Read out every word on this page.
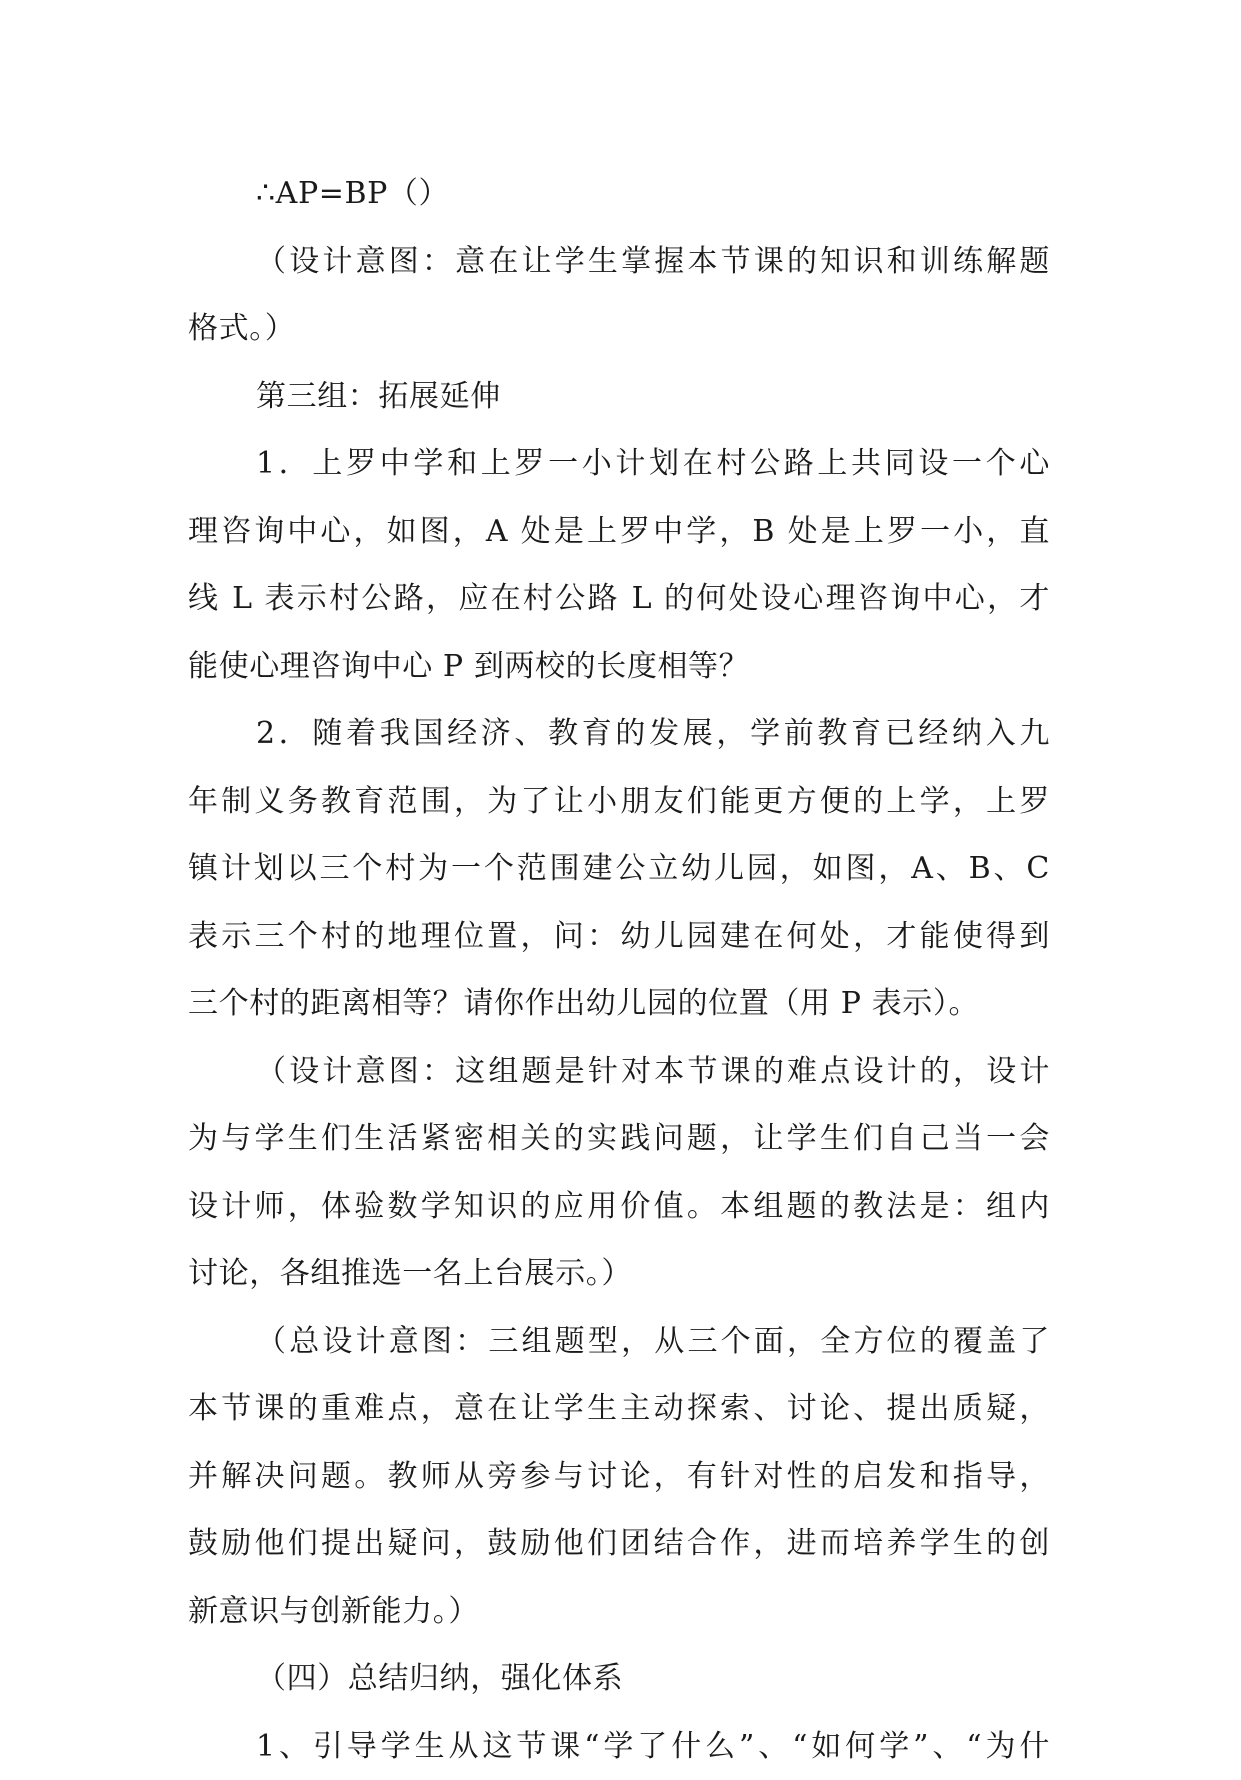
∴AP=BP（）
（设计意图：意在让学生掌握本节课的知识和训练解题
格式。）
第三组：拓展延伸
1．上罗中学和上罗一小计划在村公路上共同设一个心
理咨询中心，如图，A 处是上罗中学，B 处是上罗一小，直
线 L 表示村公路，应在村公路 L 的何处设心理咨询中心，才
能使心理咨询中心 P 到两校的长度相等？
2．随着我国经济、教育的发展，学前教育已经纳入九
年制义务教育范围，为了让小朋友们能更方便的上学，上罗
镇计划以三个村为一个范围建公立幼儿园，如图，A、B、C
表示三个村的地理位置，问：幼儿园建在何处，才能使得到
三个村的距离相等？请你作出幼儿园的位置（用 P 表示）。
（设计意图：这组题是针对本节课的难点设计的，设计
为与学生们生活紧密相关的实践问题，让学生们自己当一会
设计师，体验数学知识的应用价值。本组题的教法是：组内
讨论，各组推选一名上台展示。）
（总设计意图：三组题型，从三个面，全方位的覆盖了
本节课的重难点，意在让学生主动探索、讨论、提出质疑，
并解决问题。教师从旁参与讨论，有针对性的启发和指导，
鼓励他们提出疑问，鼓励他们团结合作，进而培养学生的创
新意识与创新能力。）
（四）总结归纳，强化体系
1、引导学生从这节课“学了什么”、“如何学”、“为什
